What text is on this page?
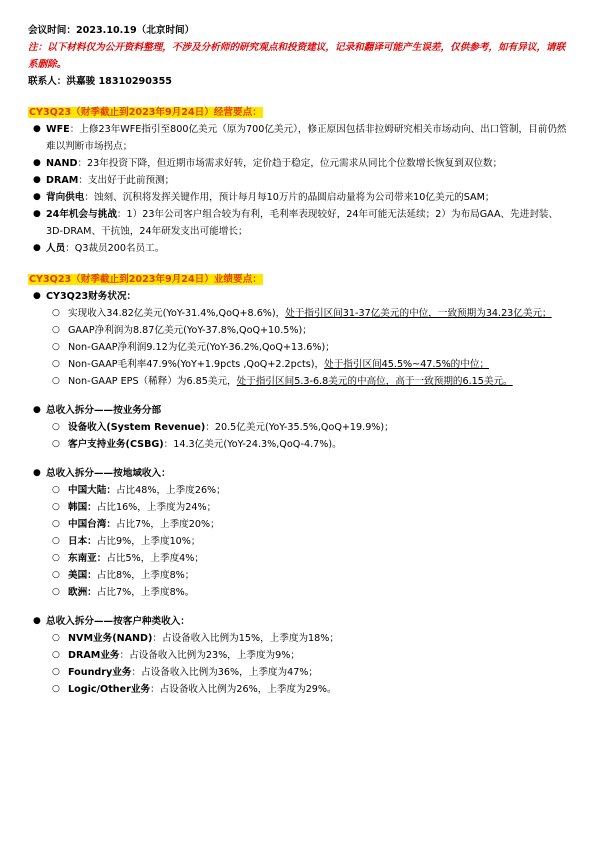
会议时间：2023.10.19（北京时间）
注：以下材料仅为公开资料整理，不涉及分析师的研究观点和投资建议，记录和翻译可能产生误差，仅供参考，如有异议，请联系删除。
联系人：洪嘉骏 18310290355
CY3Q23（财季截止到2023年9月24日）经营要点：
● WFE：上修23年WFE指引至800亿美元（原为700亿美元），修正原因包括非拉姆研究相关市场动向、出口管制，目前仍然难以判断市场拐点；
● NAND：23年投资下降，但近期市场需求好转，定价趋于稳定，位元需求从同比个位数增长恢复到双位数；
● DRAM：支出好于此前预测；
● 背向供电：蚀刻、沉积将发挥关键作用，预计每月每10万片的晶圆启动量将为公司带来10亿美元的SAM；
● 24年机会与挑战：1）23年公司客户组合较为有利，毛利率表现较好，24年可能无法延续；2）为布局GAA、先进封装、3D-DRAM、干抗蚀，24年研发支出可能增长；
● 人员：Q3裁员200名员工。
CY3Q23（财季截止到2023年9月24日）业绩要点：
● CY3Q23财务状况：
○ 实现收入34.82亿美元(YoY-31.4%,QoQ+8.6%)，处于指引区间31-37亿美元的中位，一致预期为34.23亿美元；
○ GAAP净利润为8.87亿美元(YoY-37.8%,QoQ+10.5%)；
○ Non-GAAP净利润9.12为亿美元(YoY-36.2%,QoQ+13.6%)；
○ Non-GAAP毛利率47.9%(YoY+1.9pcts ,QoQ+2.2pcts)，处于指引区间45.5%~47.5%的中位；
○ Non-GAAP EPS（稀释）为6.85美元，处于指引区间5.3-6.8美元的中高位，高于一致预期的6.15美元。
● 总收入拆分——按业务分部
○ 设备收入(System Revenue)：20.5亿美元(YoY-35.5%,QoQ+19.9%)；
○ 客户支持业务(CSBG)：14.3亿美元(YoY-24.3%,QoQ-4.7%)。
● 总收入拆分——按地域收入：
○ 中国大陆：占比48%，上季度26%；
○ 韩国：占比16%，上季度为24%；
○ 中国台湾：占比7%，上季度20%；
○ 日本：占比9%，上季度10%；
○ 东南亚：占比5%，上季度4%；
○ 美国：占比8%，上季度8%；
○ 欧洲：占比7%，上季度8%。
● 总收入拆分——按客户种类收入：
○ NVM业务(NAND)：占设备收入比例为15%，上季度为18%；
○ DRAM业务：占设备收入比例为23%，上季度为9%；
○ Foundry业务：占设备收入比例为36%，上季度为47%；
○ Logic/Other业务：占设备收入比例为26%，上季度为29%。
